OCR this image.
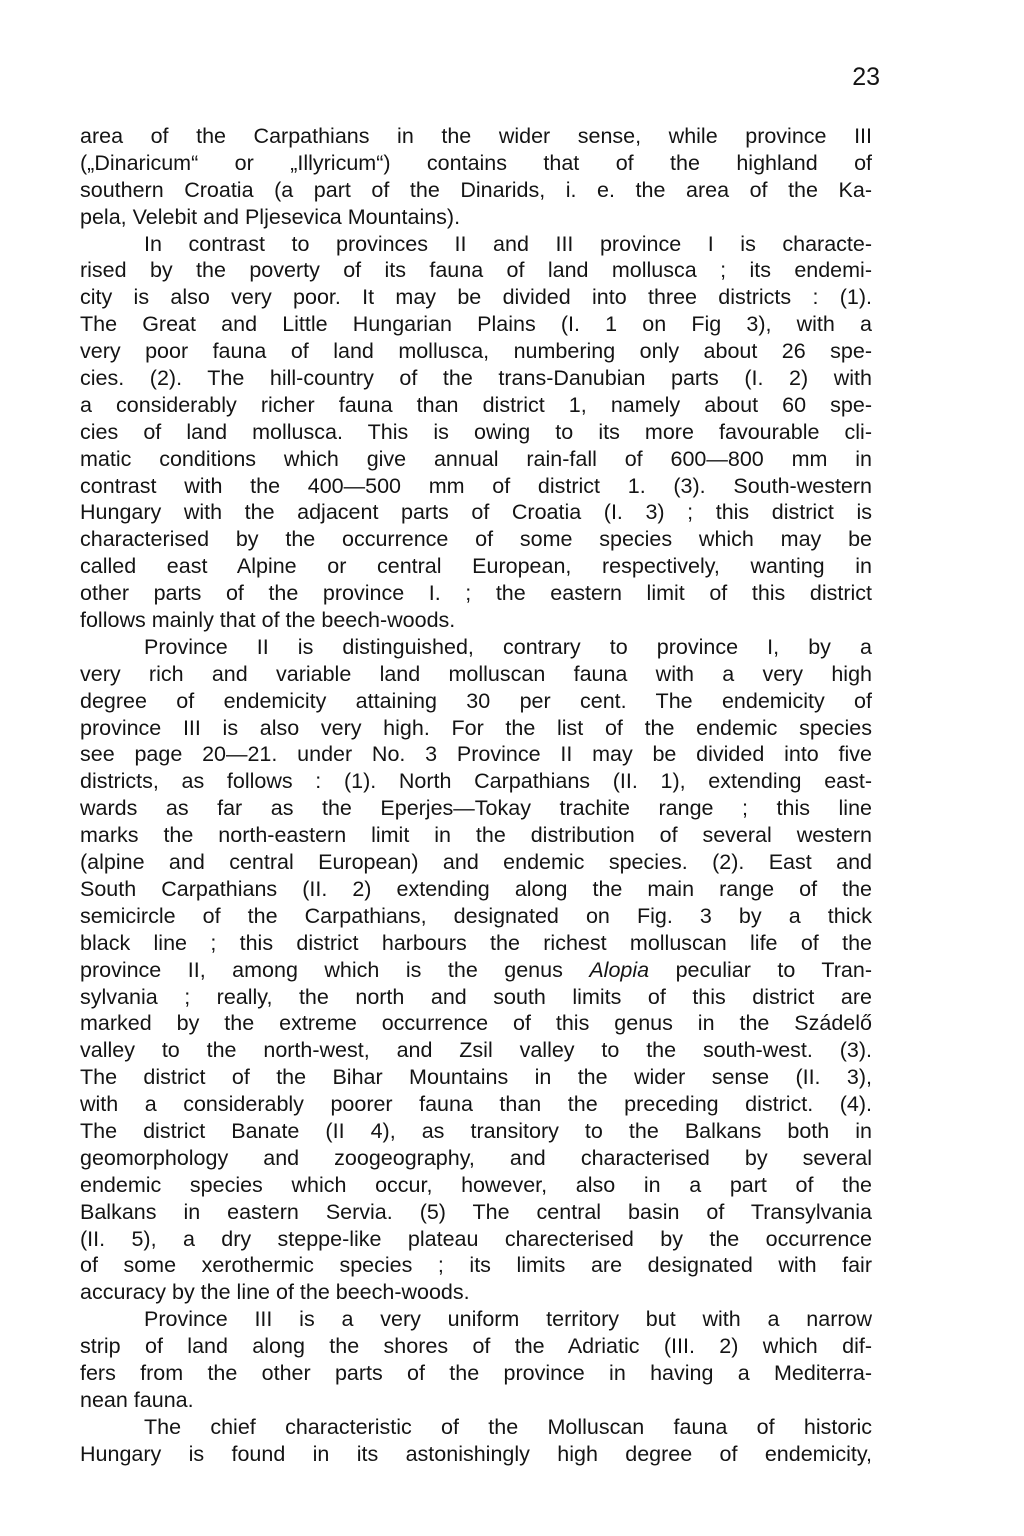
23
area of the Carpathians in the wider sense, while province III
(„Dinaricum“ or „Illyricum“) contains that of the highland of
southern Croatia (a part of the Dinarids, i. e. the area of the Ka-
pela, Velebit and Pljesevica Mountains).
In contrast to provinces II and III province I is characte-
rised by the poverty of its fauna of land mollusca ; its endemi-
city is also very poor. It may be divided into three districts : (1).
The Great and Little Hungarian Plains (I. 1 on Fig 3), with a
very poor fauna of land mollusca, numbering only about 26 spe-
cies. (2). The hill-country of the trans-Danubian parts (I. 2) with
a considerably richer fauna than district 1, namely about 60 spe-
cies of land mollusca. This is owing to its more favourable cli-
matic conditions which give annual rain-fall of 600—800 mm in
contrast with the 400—500 mm of district 1. (3). South-western
Hungary with the adjacent parts of Croatia (I. 3) ; this district is
characterised by the occurrence of some species which may be
called east Alpine or central European, respectively, wanting in
other parts of the province I. ; the eastern limit of this district
follows mainly that of the beech-woods.
Province II is distinguished, contrary to province I, by a
very rich and variable land molluscan fauna with a very high
degree of endemicity attaining 30 per cent. The endemicity of
province III is also very high. For the list of the endemic species
see page 20—21. under No. 3 Province II may be divided into five
districts, as follows : (1). North Carpathians (II. 1), extending east-
wards as far as the Eperjes—Tokay trachite range ; this line
marks the north-eastern limit in the distribution of several western
(alpine and central European) and endemic species. (2). East and
South Carpathians (II. 2) extending along the main range of the
semicircle of the Carpathians, designated on Fig. 3 by a thick
black line ; this district harbours the richest molluscan life of the
province II, among which is the genus Alopia peculiar to Tran-
sylvania ; really, the north and south limits of this district are
marked by the extreme occurrence of this genus in the Szádelő
valley to the north-west, and Zsil valley to the south-west. (3).
The district of the Bihar Mountains in the wider sense (II. 3),
with a considerably poorer fauna than the preceding district. (4).
The district Banate (II 4), as transitory to the Balkans both in
geomorphology and zoogeography, and characterised by several
endemic species which occur, however, also in a part of the
Balkans in eastern Servia. (5) The central basin of Transylvania
(II. 5), a dry steppe-like plateau charecterised by the occurrence
of some xerothermic species ; its limits are designated with fair
accuracy by the line of the beech-woods.
Province III is a very uniform territory but with a narrow
strip of land along the shores of the Adriatic (III. 2) which dif-
fers from the other parts of the province in having a Mediterra-
nean fauna.
The chief characteristic of the Molluscan fauna of historic
Hungary is found in its astonishingly high degree of endemicity,
